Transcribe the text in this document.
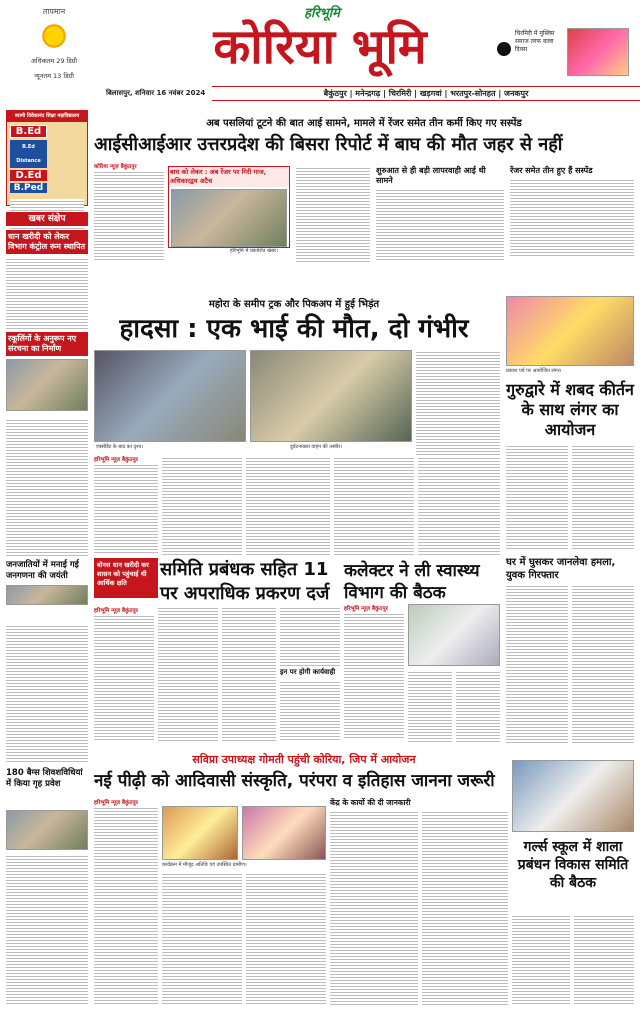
तापमान
अधिकतम 29 डिग्री
न्यूनतम 13 डिग्री
हरिभूमि
कोरिया भूमि	चिरमिरी में मुस्लिम समाज तरफ वाला दिवस
बिलासपुर, शनिवार 16 नवंबर 2024	बैकुंठपुर | मनेन्द्रगढ़ | चिरमिरी | खड़गवां | भरतपुर-सोनहत | जनकपुर
स्वामी विवेकानंद शिक्षा महाविद्यालय
B.Ed
B.Ed Distance
D.Ed
B.Ped
खबर संक्षेप
धान खरीदी को लेकर विभाग कंट्रोल रूम स्थापित
रकूलिंगों के अनुरूप नए संरचना का निर्माण
जनजातियों में मनाई गई जनगणना की जयंती
180 बैग्स शिवशविधियां में किया गृह प्रवेश
अब पसलियां टूटने की बात आई सामने, मामले में रेंजर समेत तीन कर्मी किए गए सस्पेंड
आईसीआईआर उत्तरप्रदेश की बिसरा रिपोर्ट में बाघ की मौत जहर से नहीं
कोरिया न्यूज़ बैकुंठपुर
बाघ को लेकर : अब रेंजर पर गिरी गाज, अधिकारद्वय अटैच
हरिभूमि में प्रकाशित खबर।
शुरुआत से ही बड़ी लापरवाही आई थी सामने
रेंजर समेत तीन हुए हैं सस्पेंड
महोरा के समीप ट्रक और पिकअप में हुई भिड़ंत
हादसा : एक भाई की मौत, दो गंभीर
एक्सीडेंट के बाद का दृश्य।	दुर्घटनाग्रस्त वाहन की तस्वीर।
हरिभूमि न्यूज़ बैकुंठपुर
बोनस धान खरीदी कर शासन को पहुंचाई थी आर्थिक क्षति
प्रकाश पर्व पर आयोजित लंगर।
गुरुद्वारे में शबद कीर्तन के साथ लंगर का आयोजन
समिति प्रबंधक सहित 11 पर अपराधिक प्रकरण दर्ज
हरिभूमि न्यूज़ बैकुंठपुर
इन पर होगी कार्यवाही
कलेक्टर ने ली स्वास्थ्य विभाग की बैठक
हरिभूमि न्यूज़ बैकुंठपुर
घर में घुसकर जानलेवा हमला, युवक गिरफ्तार
सविप्रा उपाध्यक्ष गोमती पहुंची कोरिया, जिप में आयोजन
नई पीढ़ी को आदिवासी संस्कृति, परंपरा व इतिहास जानना जरूरी
हरिभूमि न्यूज़ बैकुंठपुर
कार्यक्रम में मौजूद अतिथि एवं उपस्थित ग्रामीण।
केंद्र के कार्यो की दी जानकारी
गर्ल्स स्कूल में शाला प्रबंधन विकास समिति की बैठक
